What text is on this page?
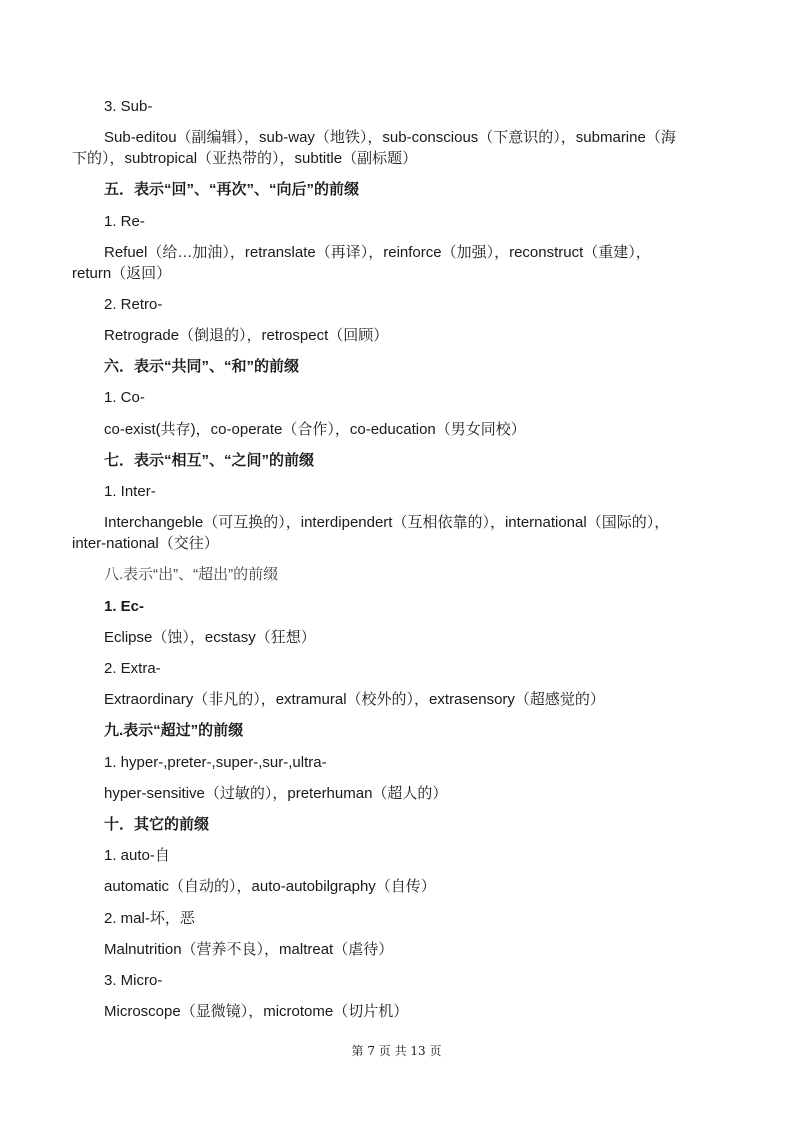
3. Sub-
Sub-editou（副编辑），sub-way（地铁），sub-conscious（下意识的），submarine（海
下的），subtropical（亚热带的），subtitle（副标题）
五．表示“回”、“再次”、“向后”的前缀
1. Re-
Refuel（给…加油），retranslate（再译），reinforce（加强），reconstruct（重建），
return（返回）
2. Retro-
Retrograde（倒退的），retrospect（回顾）
六．表示“共同”、“和”的前缀
1. Co-
co-exist(共存)，co-operate（合作），co-education（男女同校）
七．表示“相互”、“之间”的前缀
1. Inter-
Interchangeble（可互换的），interdipendert（互相依靠的），international（国际的），
inter-national（交往）
八.表示“出”、“超出”的前缀
1. Ec-
Eclipse（蚀），ecstasy（狂想）
2. Extra-
Extraordinary（非凡的），extramural（校外的），extrasensory（超感觉的）
九.表示“超过”的前缀
1. hyper-,preter-,super-,sur-,ultra-
hyper-sensitive（过敏的），preterhuman（超人的）
十．其它的前缀
1. auto-自
automatic（自动的），auto-autobilgraphy（自传）
2. mal-坏，恶
Malnutrition（营养不良），maltreat（虐待）
3. Micro-
Microscope（显微镜），microtome（切片机）
第 7 页 共 13 页
